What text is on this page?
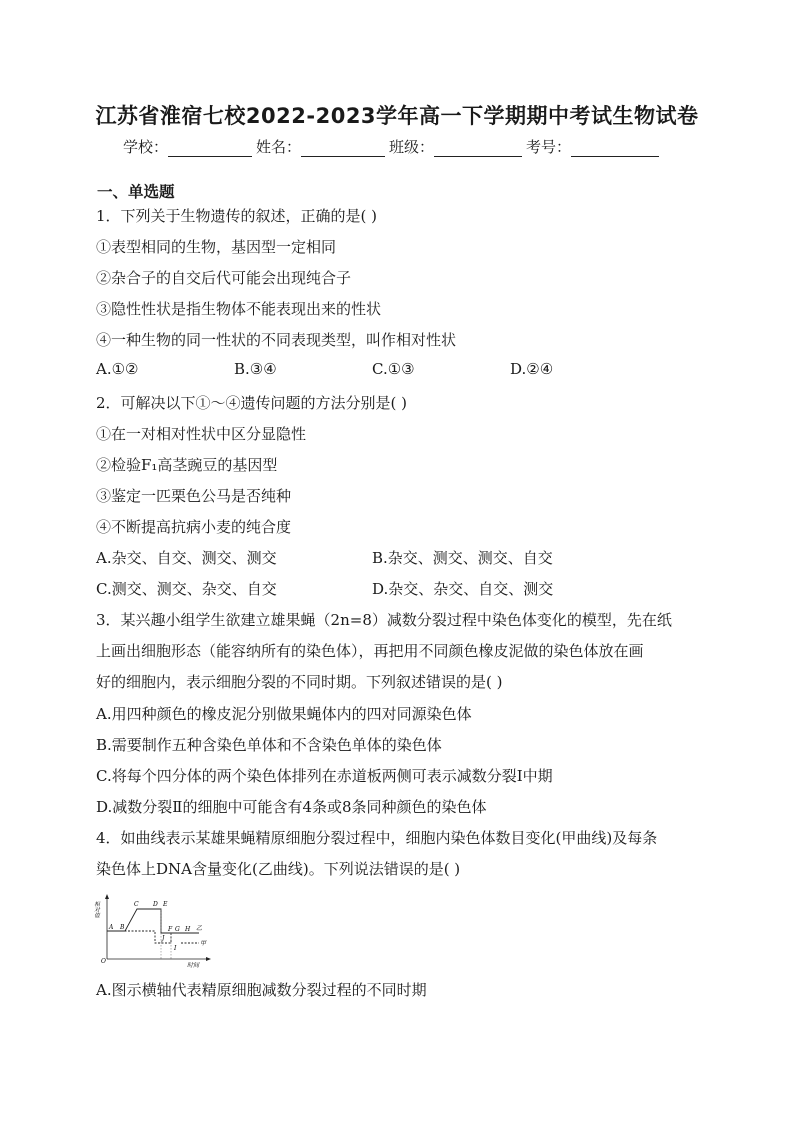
江苏省淮宿七校2022-2023学年高一下学期期中考试生物试卷
学校：	姓名：	班级：	考号：
一、单选题
1．下列关于生物遗传的叙述，正确的是( )
①表型相同的生物，基因型一定相同
②杂合子的自交后代可能会出现纯合子
③隐性性状是指生物体不能表现出来的性状
④一种生物的同一性状的不同表现类型，叫作相对性状
A.①②	B.③④	C.①③	D.②④
2．可解决以下①～④遗传问题的方法分别是( )
①在一对相对性状中区分显隐性
②检验F₁高茎豌豆的基因型
③鉴定一匹栗色公马是否纯种
④不断提高抗病小麦的纯合度
A.杂交、自交、测交、测交	B.杂交、测交、测交、自交
C.测交、测交、杂交、自交	D.杂交、杂交、自交、测交
3．某兴趣小组学生欲建立雄果蝇（2n=8）减数分裂过程中染色体变化的模型，先在纸
上画出细胞形态（能容纳所有的染色体），再把用不同颜色橡皮泥做的染色体放在画
好的细胞内，表示细胞分裂的不同时期。下列叙述错误的是( )
A.用四种颜色的橡皮泥分别做果蝇体内的四对同源染色体
B.需要制作五种含染色单体和不含染色单体的染色体
C.将每个四分体的两个染色体排列在赤道板两侧可表示减数分裂Ⅰ中期
D.减数分裂Ⅱ的细胞中可能含有4条或8条同种颜色的染色体
4．如曲线表示某雄果蝇精原细胞分裂过程中，细胞内染色体数目变化(甲曲线)及每条
染色体上DNA含量变化(乙曲线)。下列说法错误的是( )
相对值
时间
O
A B
C D E
F G H
I
J
乙
甲
A.图示横轴代表精原细胞减数分裂过程的不同时期
